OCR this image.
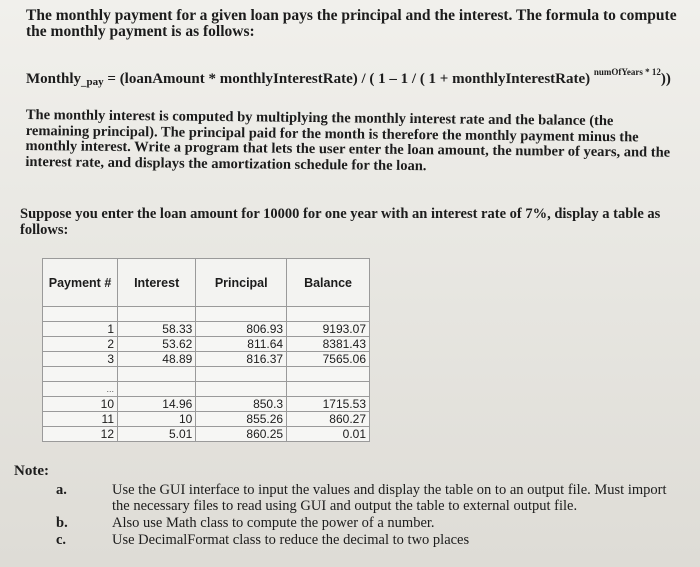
The monthly payment for a given loan pays the principal and the interest. The formula to compute the monthly payment is as follows:
Monthly_pay = (loanAmount * monthlyInterestRate) / ( 1 – 1 / ( 1 + monthlyInterestRate) $^{numOfYears * 12}$))
The monthly interest is computed by multiplying the monthly interest rate and the balance (the remaining principal). The principal paid for the month is therefore the monthly payment minus the monthly interest. Write a program that lets the user enter the loan amount, the number of years, and the interest rate, and displays the amortization schedule for the loan.
Suppose you enter the loan amount for 10000 for one year with an interest rate of 7%, display a table as follows:
Payment #	Interest	Principal	Balance

1	58.33	806.93	9193.07
2	53.62	811.64	8381.43
3	48.89	816.37	7565.06

...			
10	14.96	850.3	1715.53
11	10	855.26	860.27
12	5.01	860.25	0.01
Note:
a.	Use the GUI interface to input the values and display the table on to an output file. Must import the necessary files to read using GUI and output the table to external output file.
b.	Also use Math class to compute the power of a number.
c.	Use DecimalFormat class to reduce the decimal to two places
